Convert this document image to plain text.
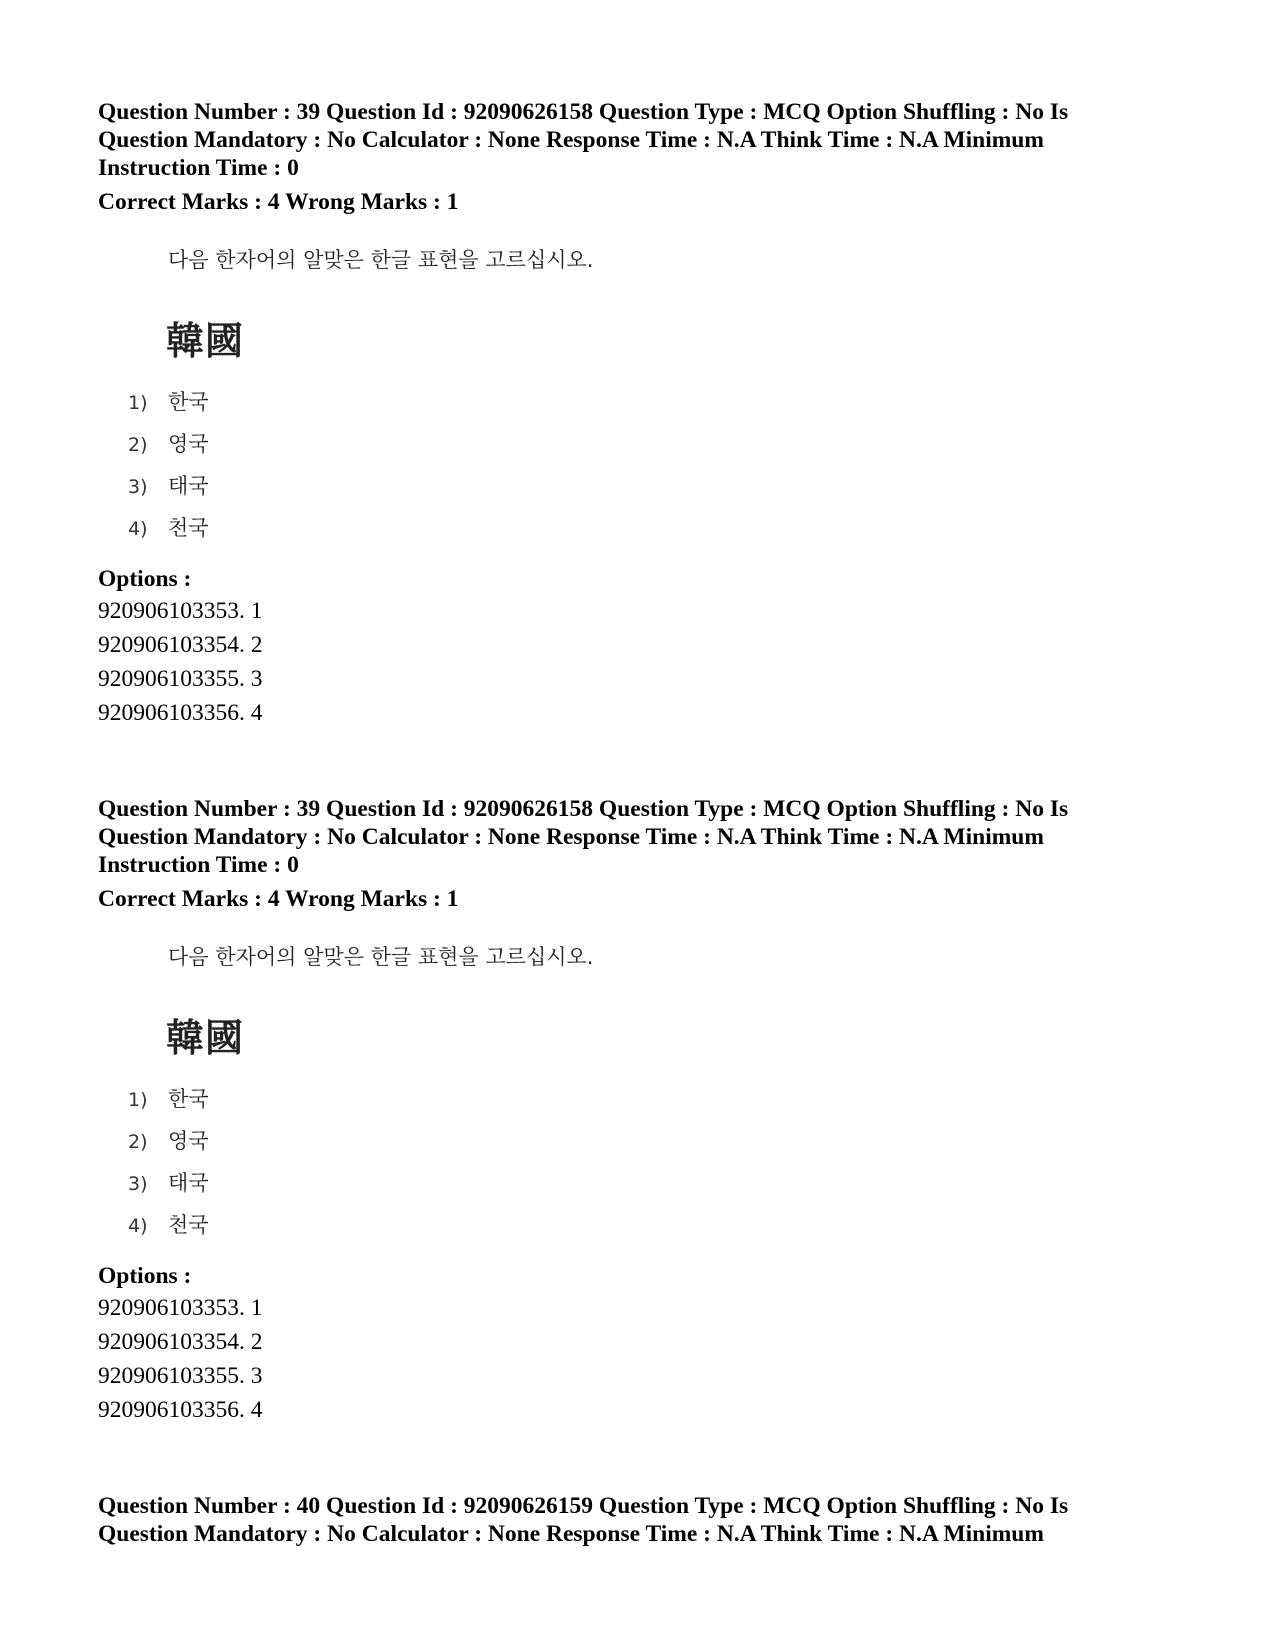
Question Number : 39 Question Id : 92090626158 Question Type : MCQ Option Shuffling : No Is
Question Mandatory : No Calculator : None Response Time : N.A Think Time : N.A Minimum
Instruction Time : 0
Correct Marks : 4 Wrong Marks : 1
다음 한자어의 알맞은 한글 표현을 고르십시오.
韓國
1) 한국
2) 영국
3) 태국
4) 천국
Options :
920906103353. 1
920906103354. 2
920906103355. 3
920906103356. 4
Question Number : 39 Question Id : 92090626158 Question Type : MCQ Option Shuffling : No Is
Question Mandatory : No Calculator : None Response Time : N.A Think Time : N.A Minimum
Instruction Time : 0
Correct Marks : 4 Wrong Marks : 1
다음 한자어의 알맞은 한글 표현을 고르십시오.
韓國
1) 한국
2) 영국
3) 태국
4) 천국
Options :
920906103353. 1
920906103354. 2
920906103355. 3
920906103356. 4
Question Number : 40 Question Id : 92090626159 Question Type : MCQ Option Shuffling : No Is
Question Mandatory : No Calculator : None Response Time : N.A Think Time : N.A Minimum
